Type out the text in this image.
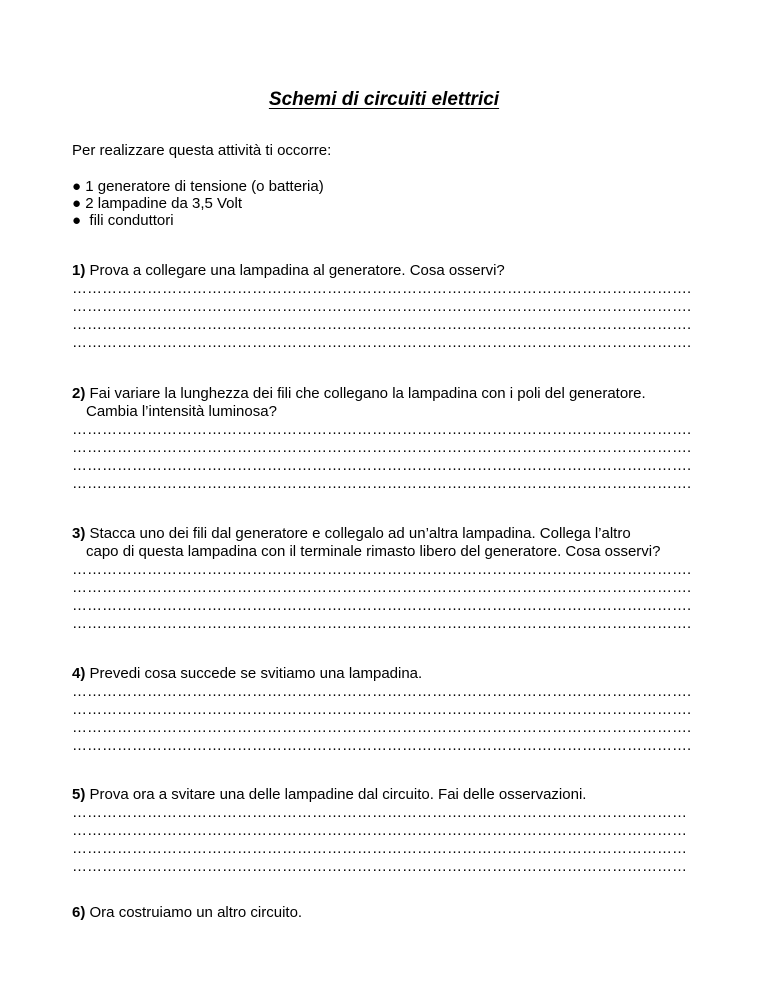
Schemi di circuiti elettrici

Per realizzare questa attività ti occorre:

● 1 generatore di tensione (o batteria)
● 2 lampadine da 3,5 Volt
●  fili conduttori

1) Prova a collegare una lampadina al generatore. Cosa osservi?

…………………………………………………………………………………………………………….
…………………………………………………………………………………………………………….
…………………………………………………………………………………………………………….
…………………………………………………………………………………………………………….

2) Fai variare la lunghezza dei fili che collegano la lampadina con i poli del generatore.
Cambia l’intensità luminosa?

…………………………………………………………………………………………………………….
…………………………………………………………………………………………………………….
…………………………………………………………………………………………………………….
…………………………………………………………………………………………………………….

3) Stacca uno dei fili dal generatore e collegalo ad un’altra lampadina. Collega l’altro
capo di questa lampadina con il terminale rimasto libero del generatore. Cosa osservi?

…………………………………………………………………………………………………………….
…………………………………………………………………………………………………………….
…………………………………………………………………………………………………………….
…………………………………………………………………………………………………………….

4) Prevedi cosa succede se svitiamo una lampadina.

…………………………………………………………………………………………………………….
…………………………………………………………………………………………………………….
…………………………………………………………………………………………………………….
…………………………………………………………………………………………………………….

5) Prova ora a svitare una delle lampadine dal circuito. Fai delle osservazioni.

……………………………………………………………………………………………………………
……………………………………………………………………………………………………………
……………………………………………………………………………………………………………
……………………………………………………………………………………………………………

6) Ora costruiamo un altro circuito.
